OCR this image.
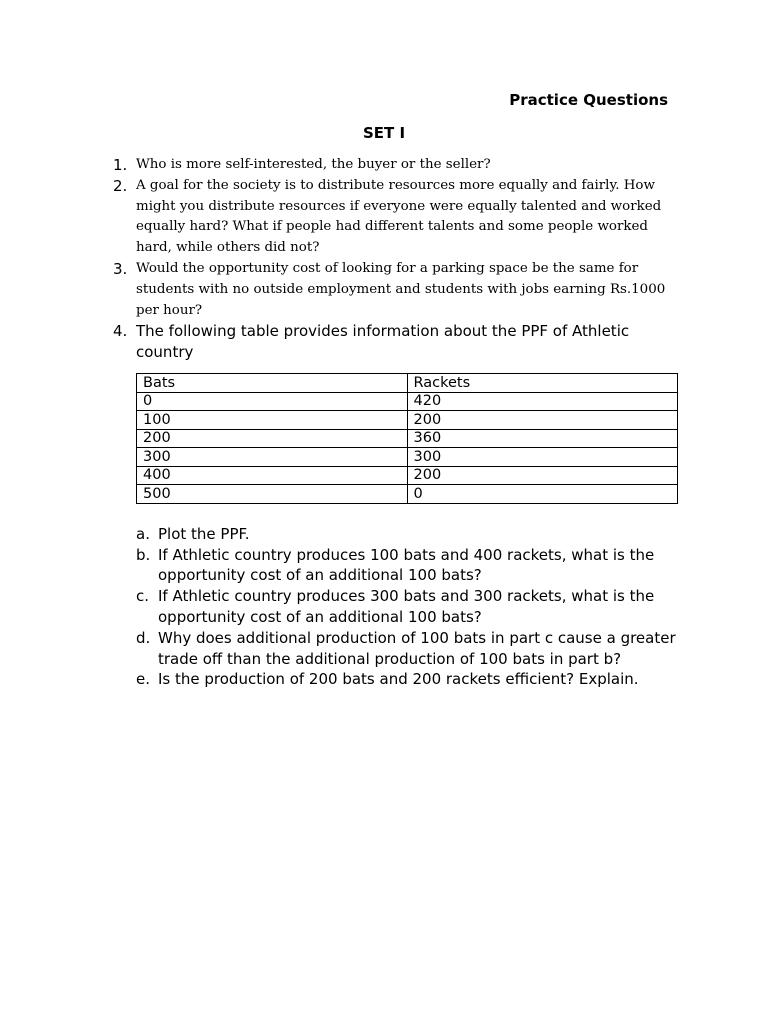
Practice Questions
SET I
1. Who is more self-interested, the buyer or the seller?
2. A goal for the society is to distribute resources more equally and fairly. How might you distribute resources if everyone were equally talented and worked equally hard? What if people had different talents and some people worked hard, while others did not?
3. Would the opportunity cost of looking for a parking space be the same for students with no outside employment and students with jobs earning Rs.1000 per hour?
4. The following table provides information about the PPF of Athletic country
Bats	Rackets
0	420
100	200
200	360
300	300
400	200
500	0
a. Plot the PPF.
b. If Athletic country produces 100 bats and 400 rackets, what is the opportunity cost of an additional 100 bats?
c. If Athletic country produces 300 bats and 300 rackets, what is the opportunity cost of an additional 100 bats?
d. Why does additional production of 100 bats in part c cause a greater trade off than the additional production of 100 bats in part b?
e. Is the production of 200 bats and 200 rackets efficient? Explain.
